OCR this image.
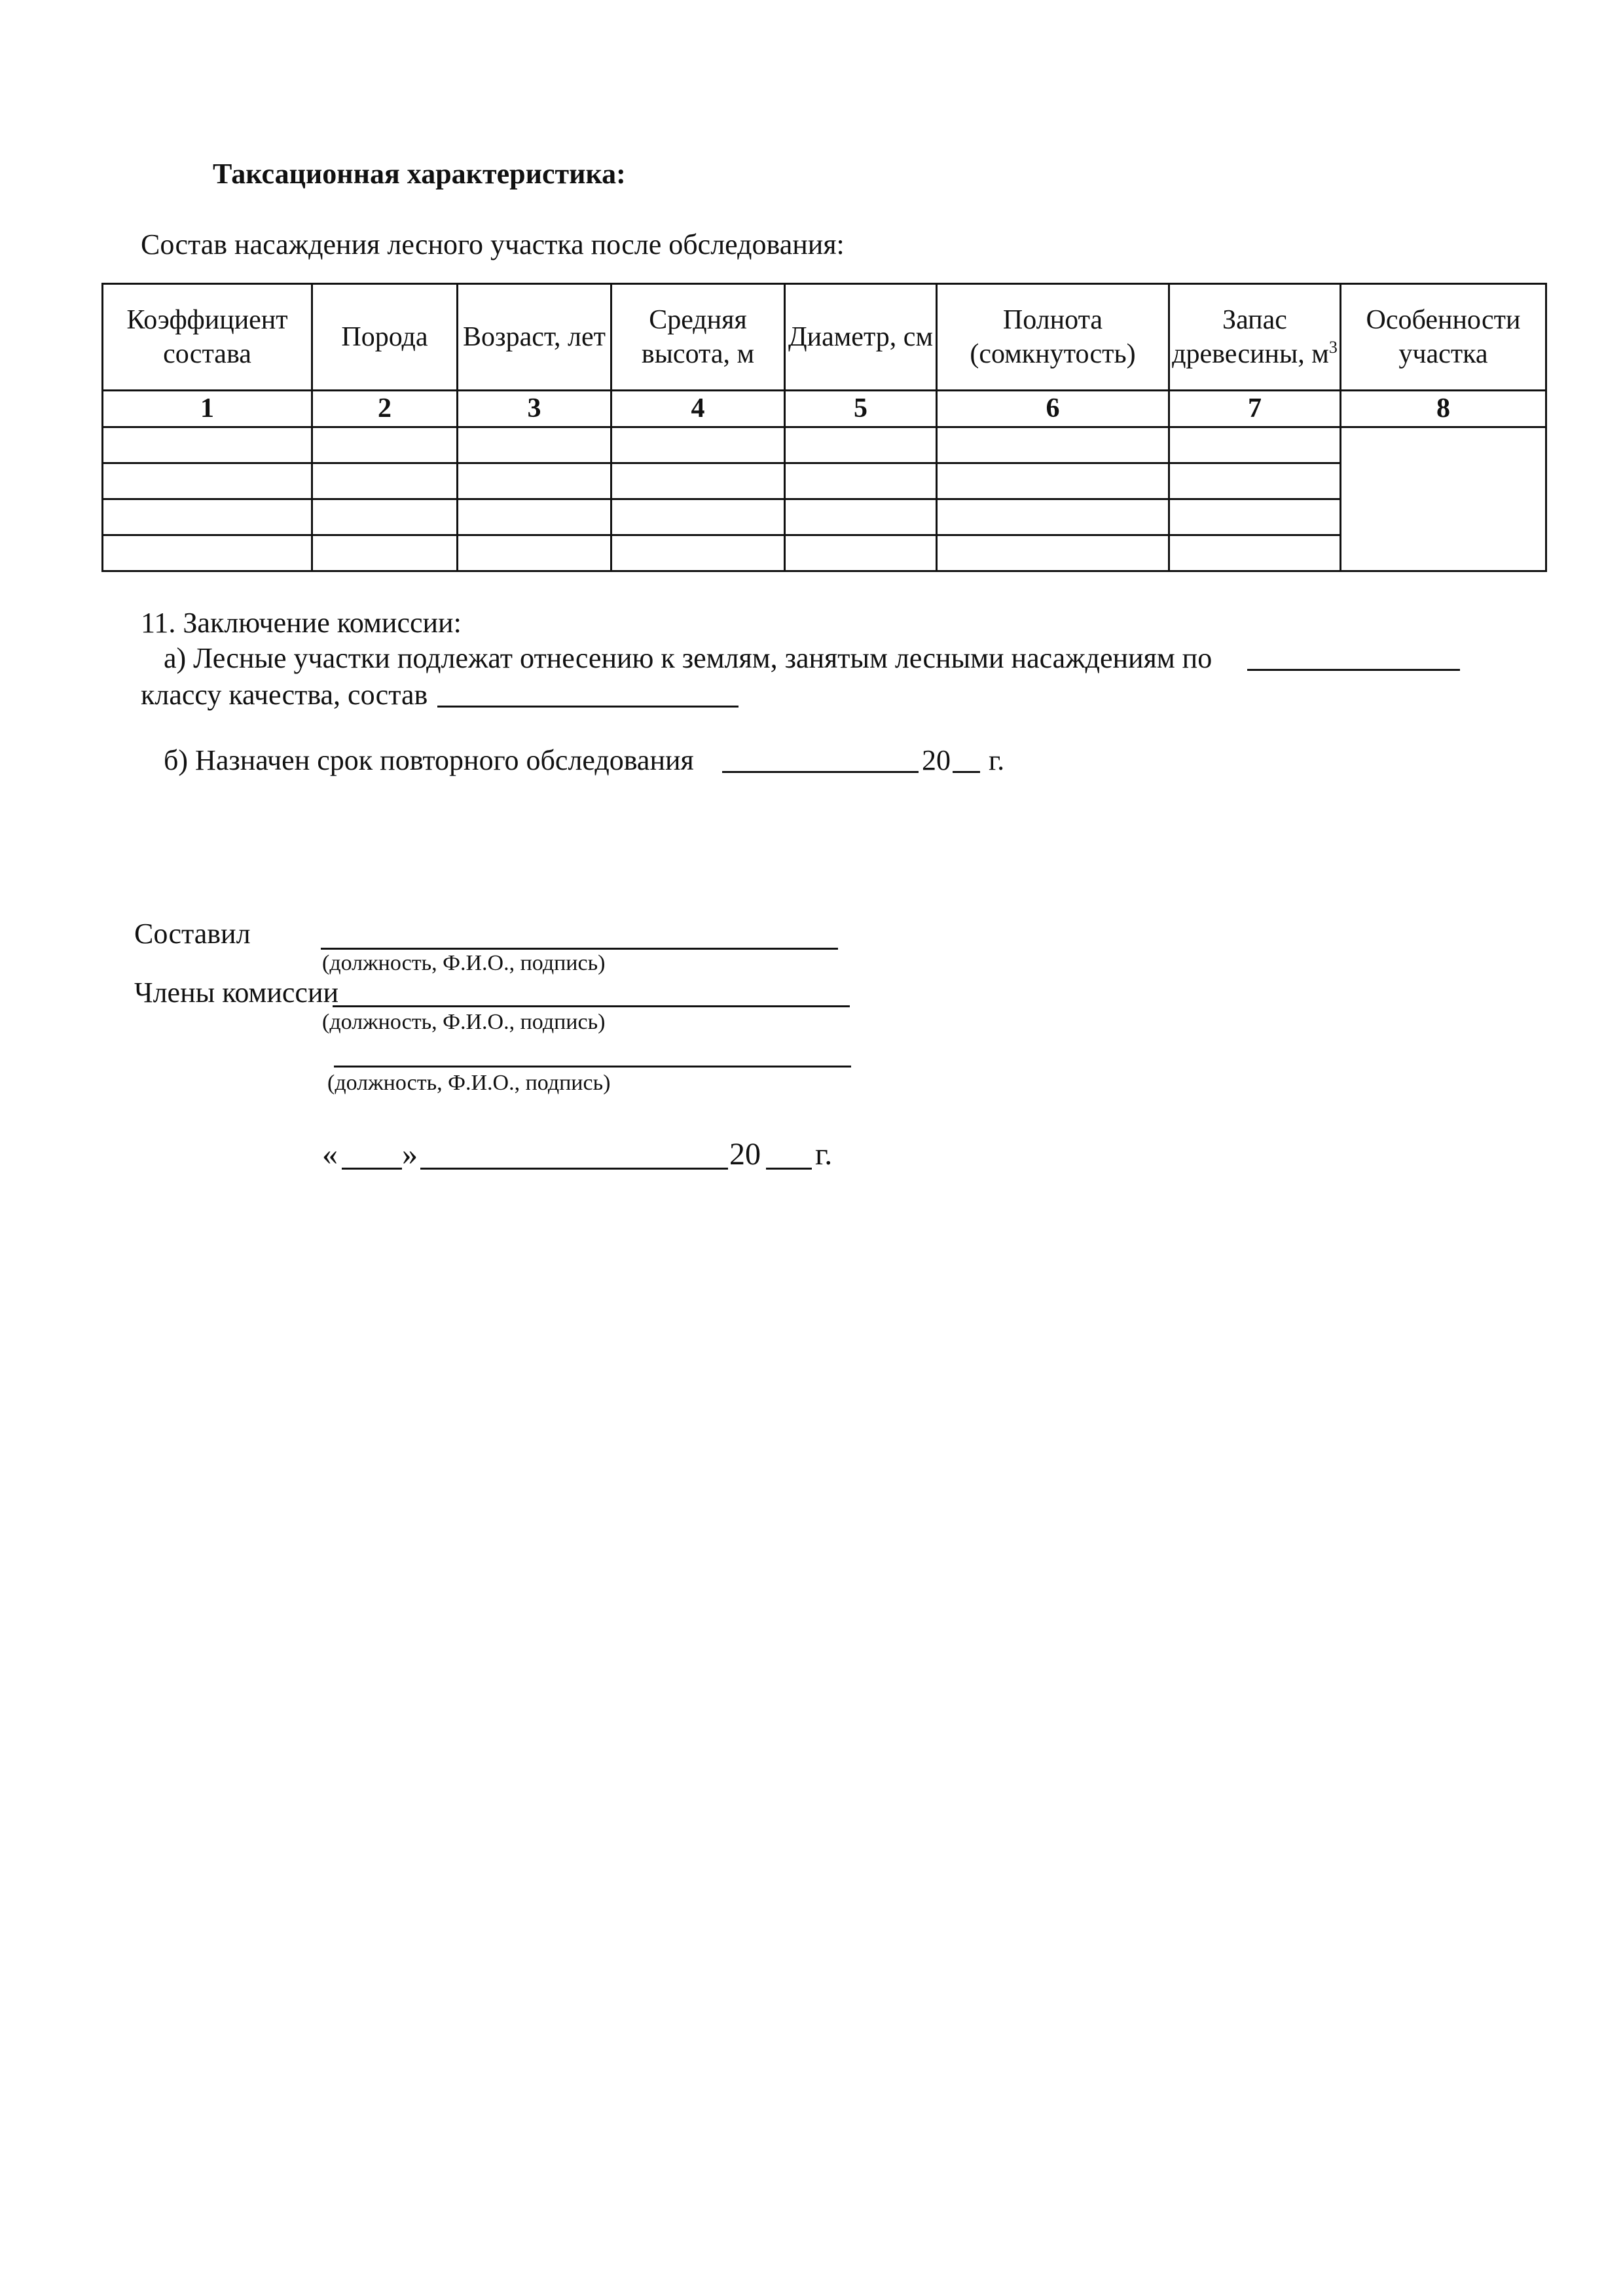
Таксационная характеристика:
Состав насаждения лесного участка после обследования:
Коэффициент состава	Порода	Возраст, лет	Средняя высота, м	Диаметр, см	Полнота (сомкнутость)	Запас древесины, $м^3$	Особенности участка
1	2	3	4	5	6	7	8

11. Заключение комиссии:
а) Лесные участки подлежат отнесению к землям, занятым лесными насаждениям по
классу качества, состав
б) Назначен срок повторного обследования	20 г.
Составил
(должность, Ф.И.О., подпись)
Члены комиссии
(должность, Ф.И.О., подпись)
(должность, Ф.И.О., подпись)
« »	20 г.
